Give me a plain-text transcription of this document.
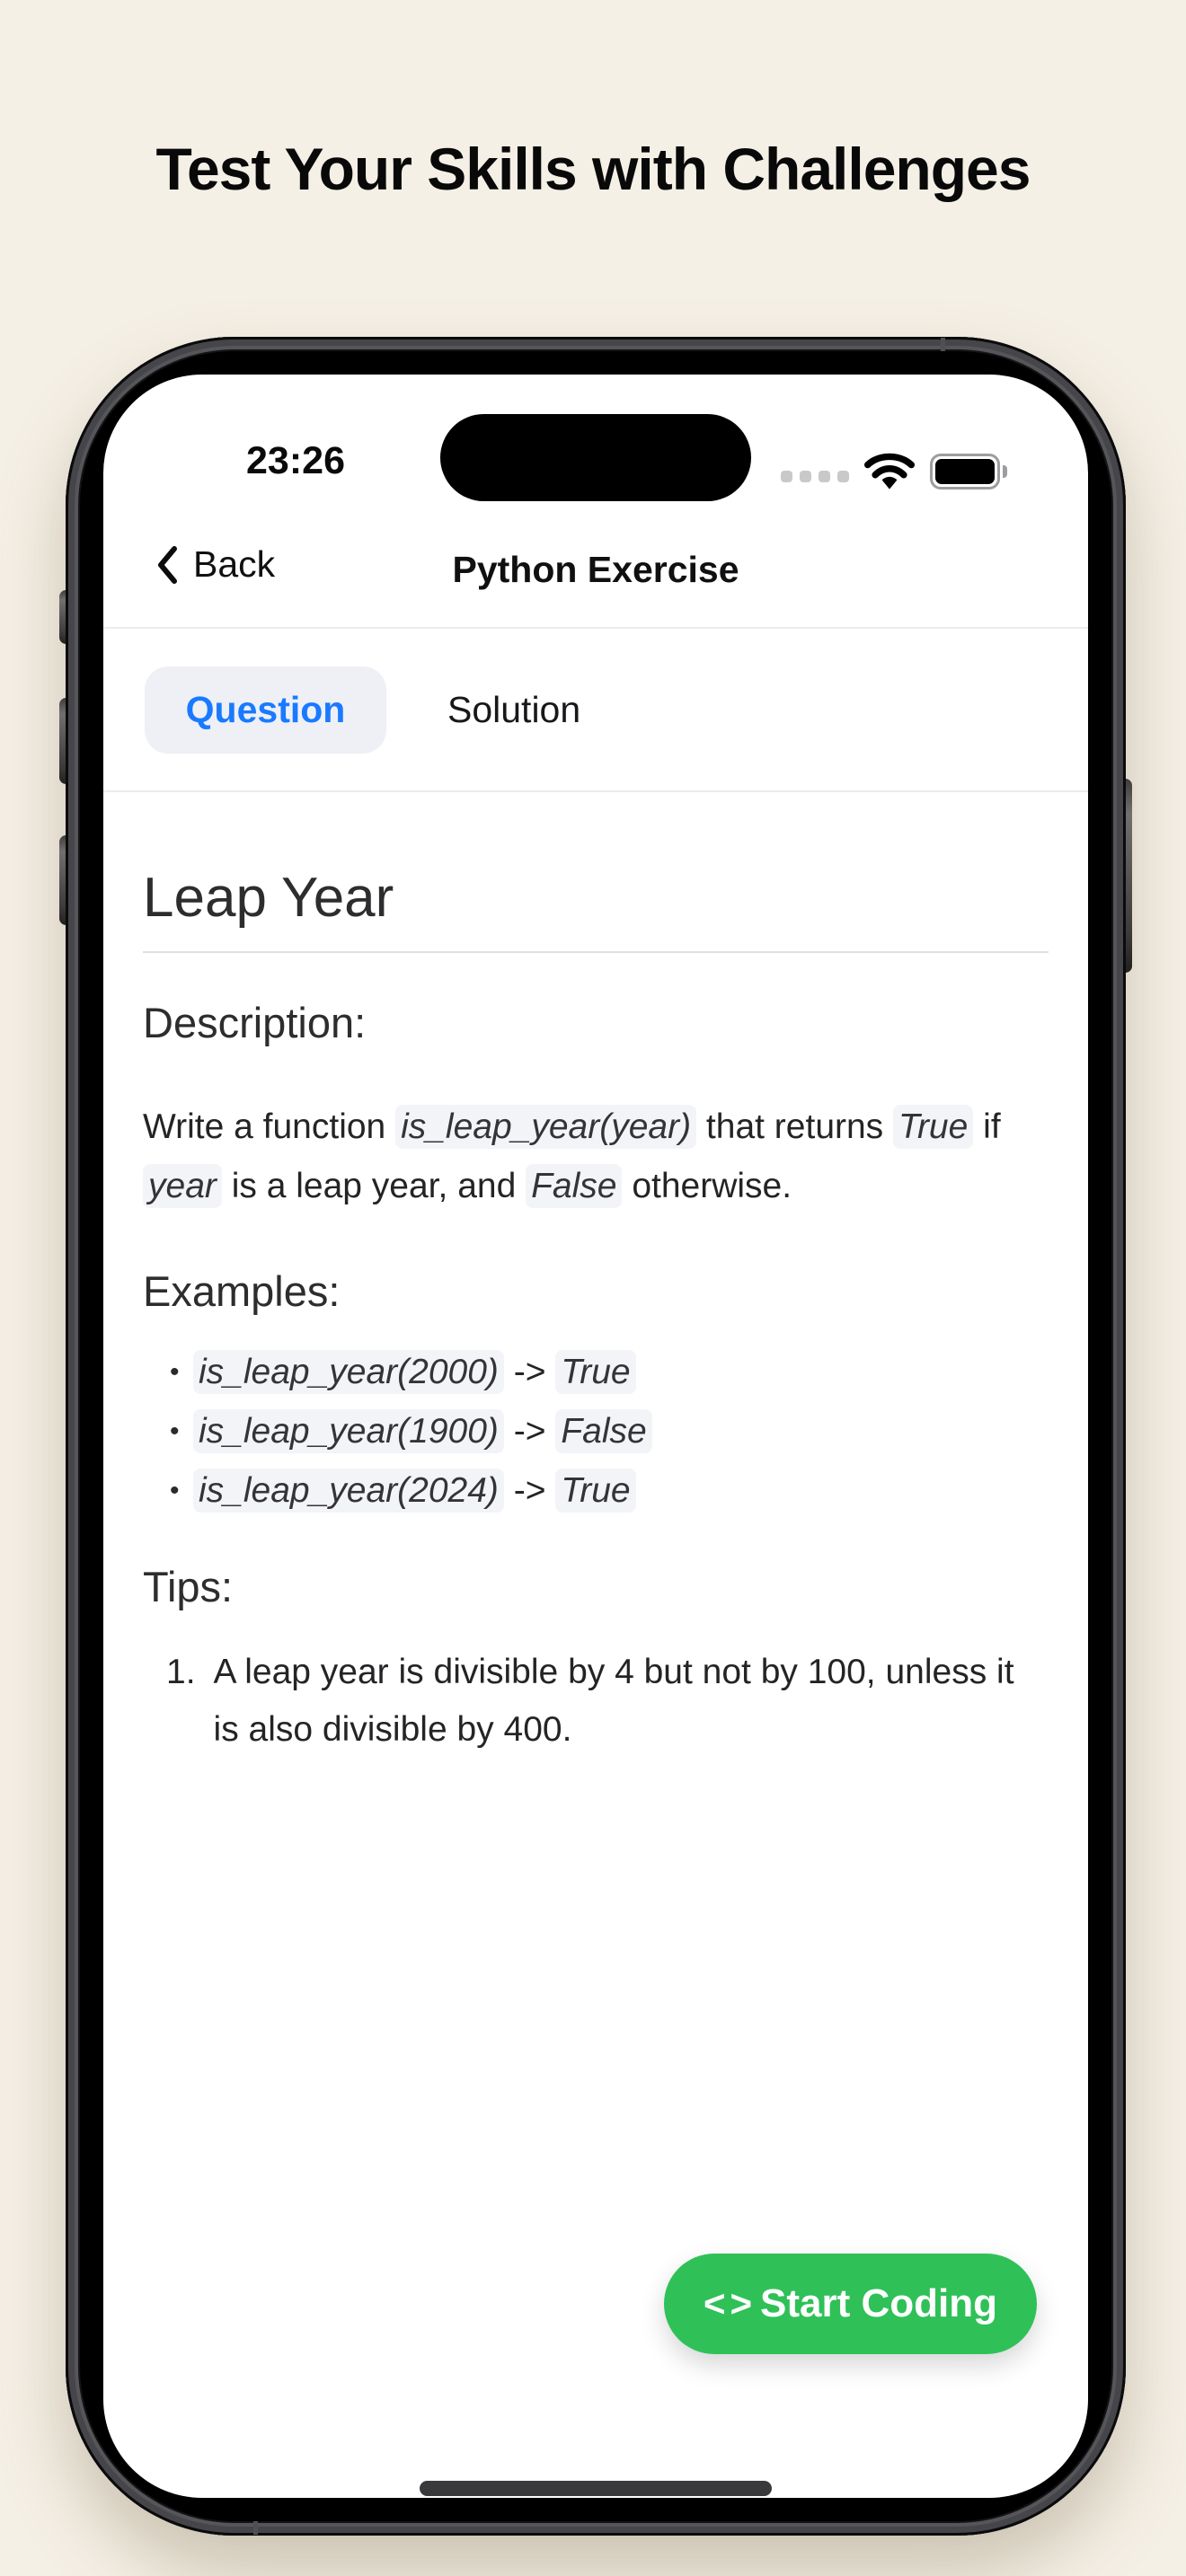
Test Your Skills with Challenges
23:26
Back	Python Exercise
Question	Solution
Leap Year
Description:

Write a function is_leap_year(year) that returns True if year is a leap year, and False otherwise.

Examples:
• is_leap_year(2000) -> True
• is_leap_year(1900) -> False
• is_leap_year(2024) -> True
Tips:
1. A leap year is divisible by 4 but not by 100, unless it is also divisible by 400.
<> Start Coding
